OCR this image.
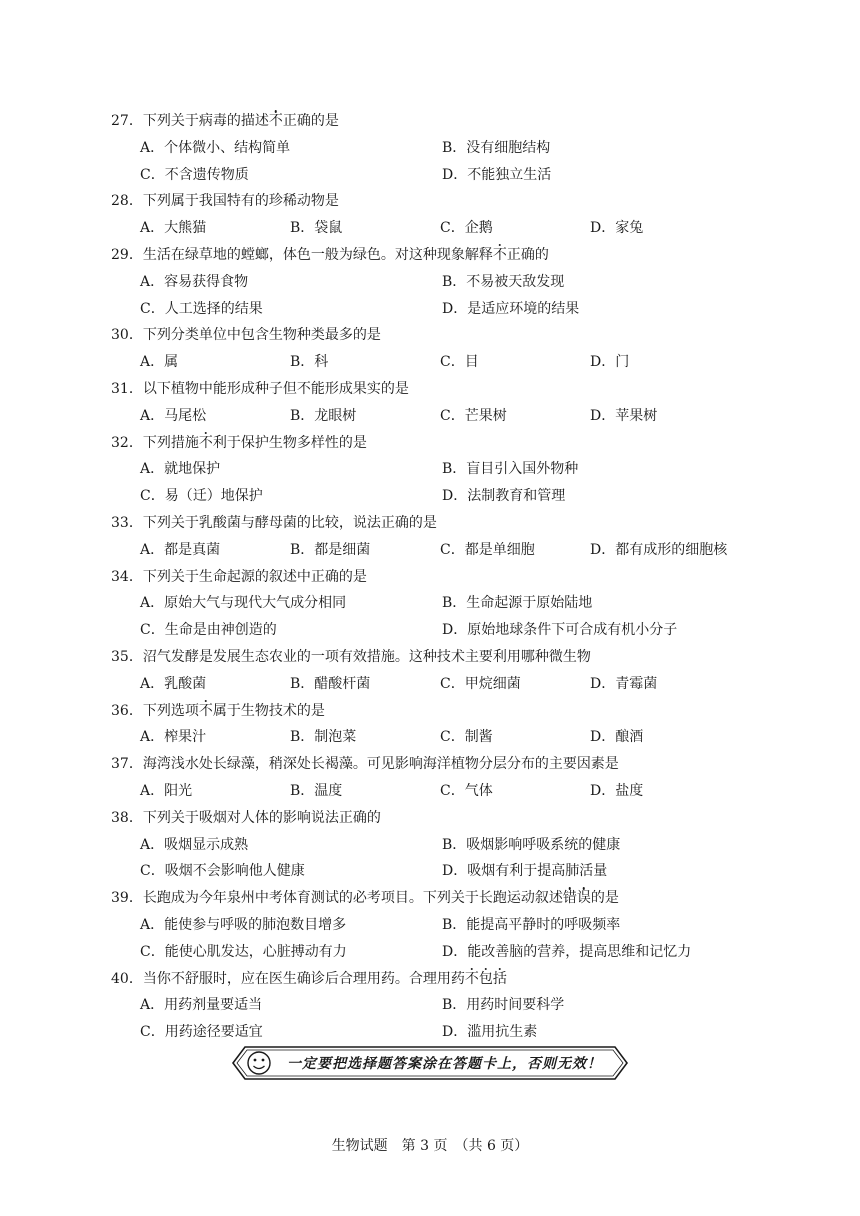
27．下列关于病毒的描述不正确的是
A．个体微小、结构简单	B．没有细胞结构
C．不含遗传物质	D．不能独立生活
28．下列属于我国特有的珍稀动物是
A．大熊猫	B．袋鼠	C．企鹅	D．家兔
29．生活在绿草地的螳螂，体色一般为绿色。对这种现象解释不正确的
A．容易获得食物	B．不易被天敌发现
C．人工选择的结果	D．是适应环境的结果
30．下列分类单位中包含生物种类最多的是
A．属	B．科	C．目	D．门
31．以下植物中能形成种子但不能形成果实的是
A．马尾松	B．龙眼树	C．芒果树	D．苹果树
32．下列措施不利于保护生物多样性的是
A．就地保护	B．盲目引入国外物种
C．易（迁）地保护	D．法制教育和管理
33．下列关于乳酸菌与酵母菌的比较，说法正确的是
A．都是真菌	B．都是细菌	C．都是单细胞	D．都有成形的细胞核
34．下列关于生命起源的叙述中正确的是
A．原始大气与现代大气成分相同	B．生命起源于原始陆地
C．生命是由神创造的	D．原始地球条件下可合成有机小分子
35．沼气发酵是发展生态农业的一项有效措施。这种技术主要利用哪种微生物
A．乳酸菌	B．醋酸杆菌	C．甲烷细菌	D．青霉菌
36．下列选项不属于生物技术的是
A．榨果汁	B．制泡菜	C．制酱	D．酿酒
37．海湾浅水处长绿藻，稍深处长褐藻。可见影响海洋植物分层分布的主要因素是
A．阳光	B．温度	C．气体	D．盐度
38．下列关于吸烟对人体的影响说法正确的
A．吸烟显示成熟	B．吸烟影响呼吸系统的健康
C．吸烟不会影响他人健康	D．吸烟有利于提高肺活量
39．长跑成为今年泉州中考体育测试的必考项目。下列关于长跑运动叙述错误的是
A．能使参与呼吸的肺泡数目增多	B．能提高平静时的呼吸频率
C．能使心肌发达，心脏搏动有力	D．能改善脑的营养，提高思维和记忆力
40．当你不舒服时，应在医生确诊后合理用药。合理用药不包括
A．用药剂量要适当	B．用药时间要科学
C．用药途径要适宜	D．滥用抗生素
一定要把选择题答案涂在答题卡上，否则无效！
生物试题　第 3 页　（共 6 页）
